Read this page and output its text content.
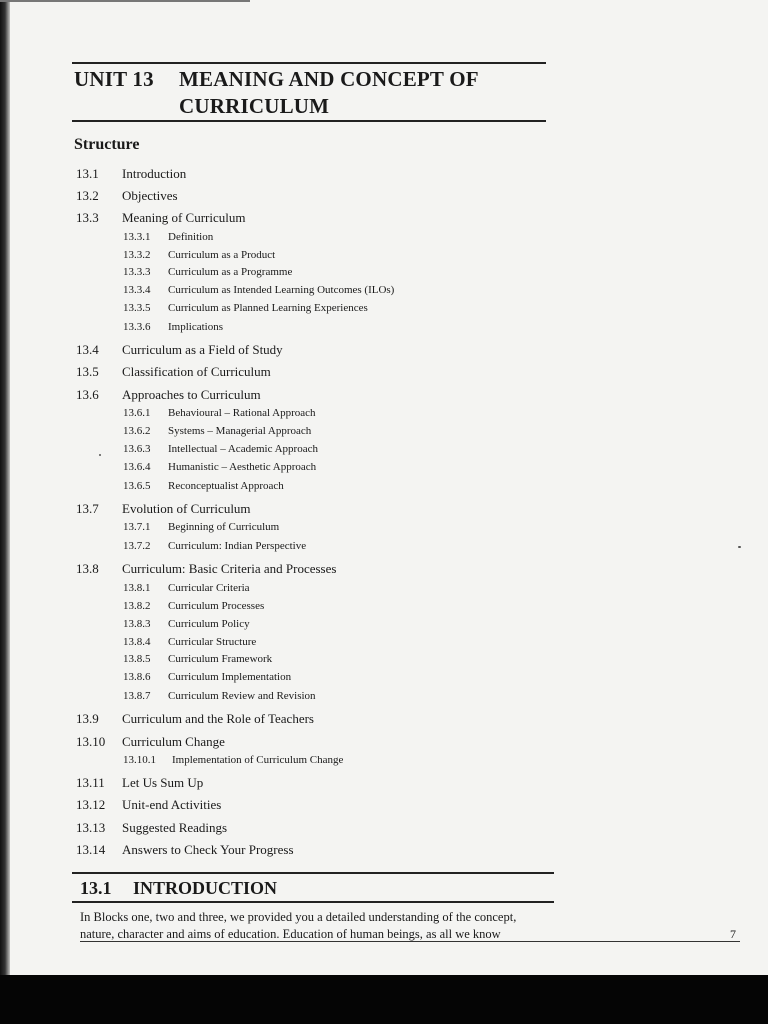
UNIT 13 MEANING AND CONCEPT OF
CURRICULUM
Structure
13.1 Introduction
13.2 Objectives
13.3 Meaning of Curriculum
13.3.1 Definition
13.3.2 Curriculum as a Product
13.3.3 Curriculum as a Programme
13.3.4 Curriculum as Intended Learning Outcomes (ILOs)
13.3.5 Curriculum as Planned Learning Experiences
13.3.6 Implications
13.4 Curriculum as a Field of Study
13.5 Classification of Curriculum
13.6 Approaches to Curriculum
13.6.1 Behavioural – Rational Approach
13.6.2 Systems – Managerial Approach
13.6.3 Intellectual – Academic Approach
13.6.4 Humanistic – Aesthetic Approach
13.6.5 Reconceptualist Approach
13.7 Evolution of Curriculum
13.7.1 Beginning of Curriculum
13.7.2 Curriculum: Indian Perspective
13.8 Curriculum: Basic Criteria and Processes
13.8.1 Curricular Criteria
13.8.2 Curriculum Processes
13.8.3 Curriculum Policy
13.8.4 Curricular Structure
13.8.5 Curriculum Framework
13.8.6 Curriculum Implementation
13.8.7 Curriculum Review and Revision
13.9 Curriculum and the Role of Teachers
13.10 Curriculum Change
13.10.1 Implementation of Curriculum Change
13.11 Let Us Sum Up
13.12 Unit-end Activities
13.13 Suggested Readings
13.14 Answers to Check Your Progress
13.1 INTRODUCTION
In Blocks one, two and three, we provided you a detailed understanding of the concept,
nature, character and aims of education. Education of human beings, as all we know	7
